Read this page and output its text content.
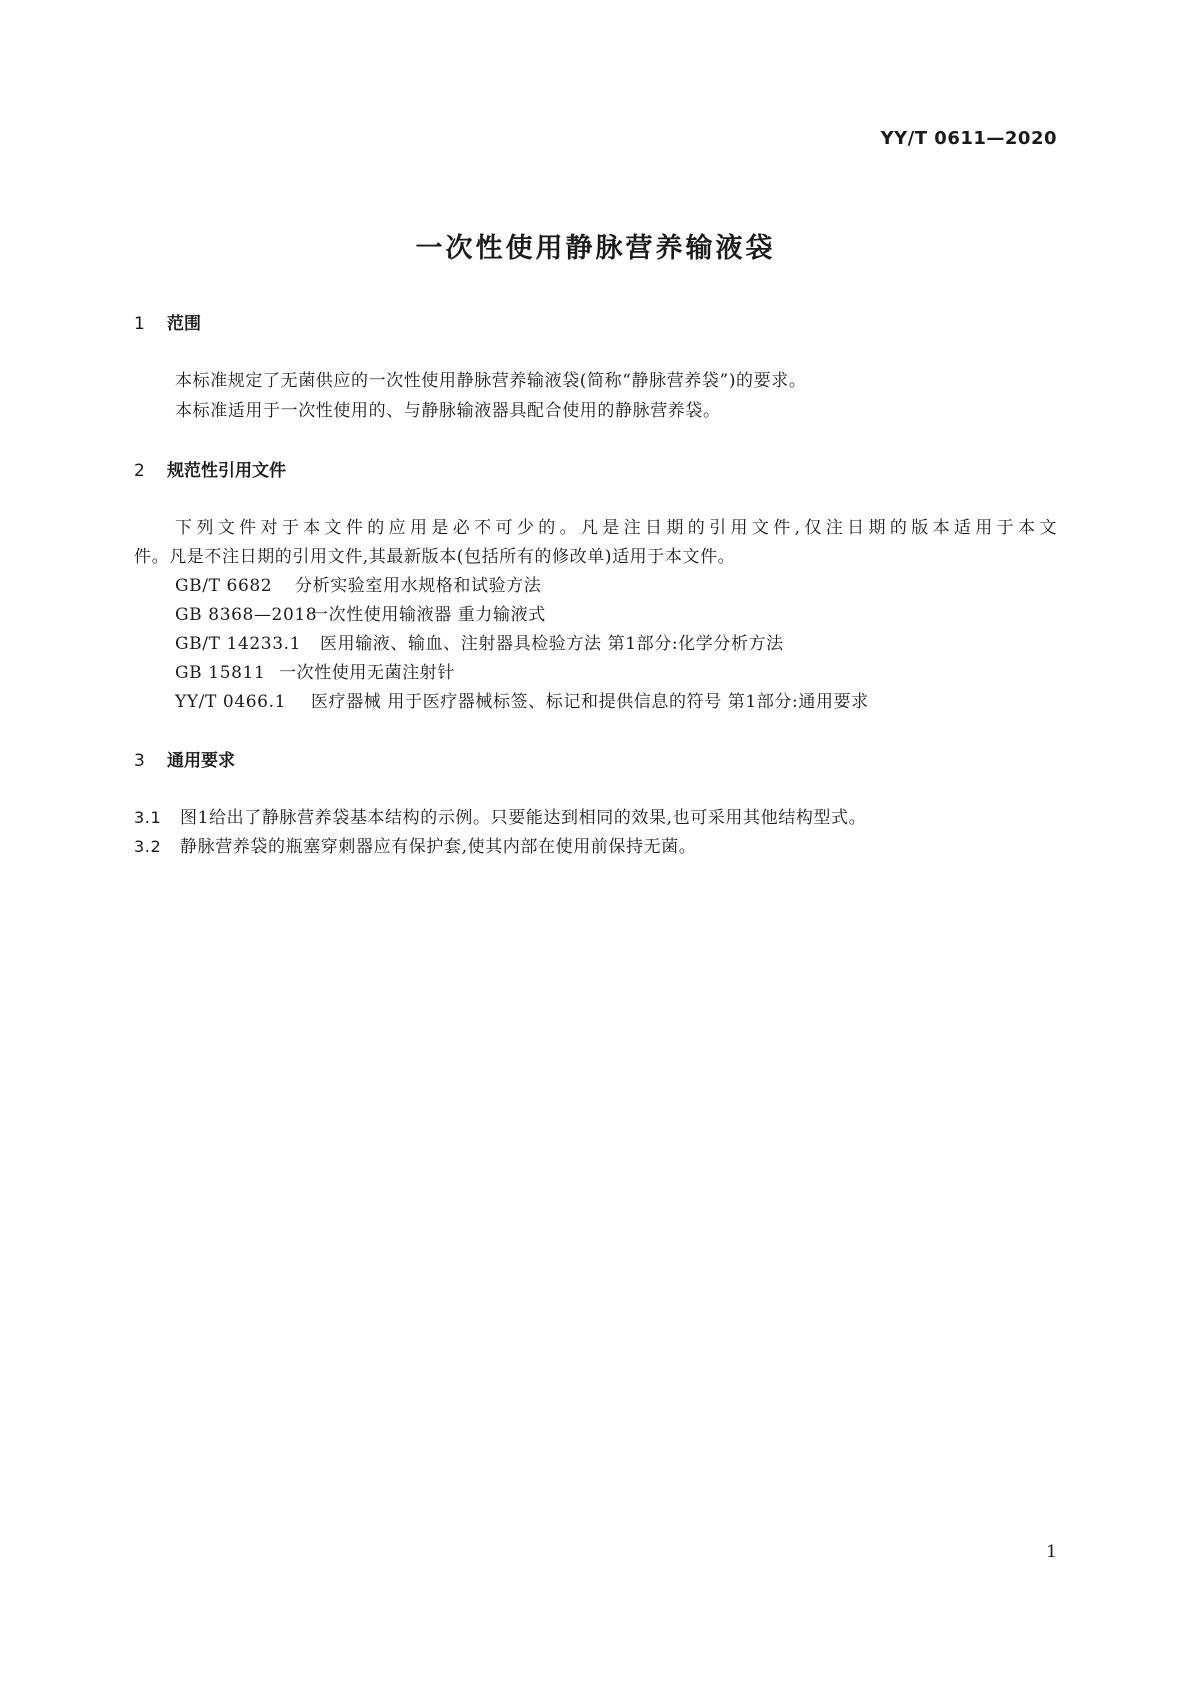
YY/T 0611—2020
一次性使用静脉营养输液袋
1 范围
本标准规定了无菌供应的一次性使用静脉营养输液袋(简称“静脉营养袋”)的要求。
本标准适用于一次性使用的、与静脉输液器具配合使用的静脉营养袋。
2 规范性引用文件
下列文件对于本文件的应用是必不可少的。凡是注日期的引用文件,仅注日期的版本适用于本文
件。凡是不注日期的引用文件,其最新版本(包括所有的修改单)适用于本文件。
GB/T 6682 分析实验室用水规格和试验方法
GB 8368—2018一次性使用输液器 重力输液式
GB/T 14233.1 医用输液、输血、注射器具检验方法 第1部分:化学分析方法
GB 15811 一次性使用无菌注射针
YY/T 0466.1 医疗器械 用于医疗器械标签、标记和提供信息的符号 第1部分:通用要求
3 通用要求
3.1 图1给出了静脉营养袋基本结构的示例。只要能达到相同的效果,也可采用其他结构型式。
3.2 静脉营养袋的瓶塞穿刺器应有保护套,使其内部在使用前保持无菌。
1
